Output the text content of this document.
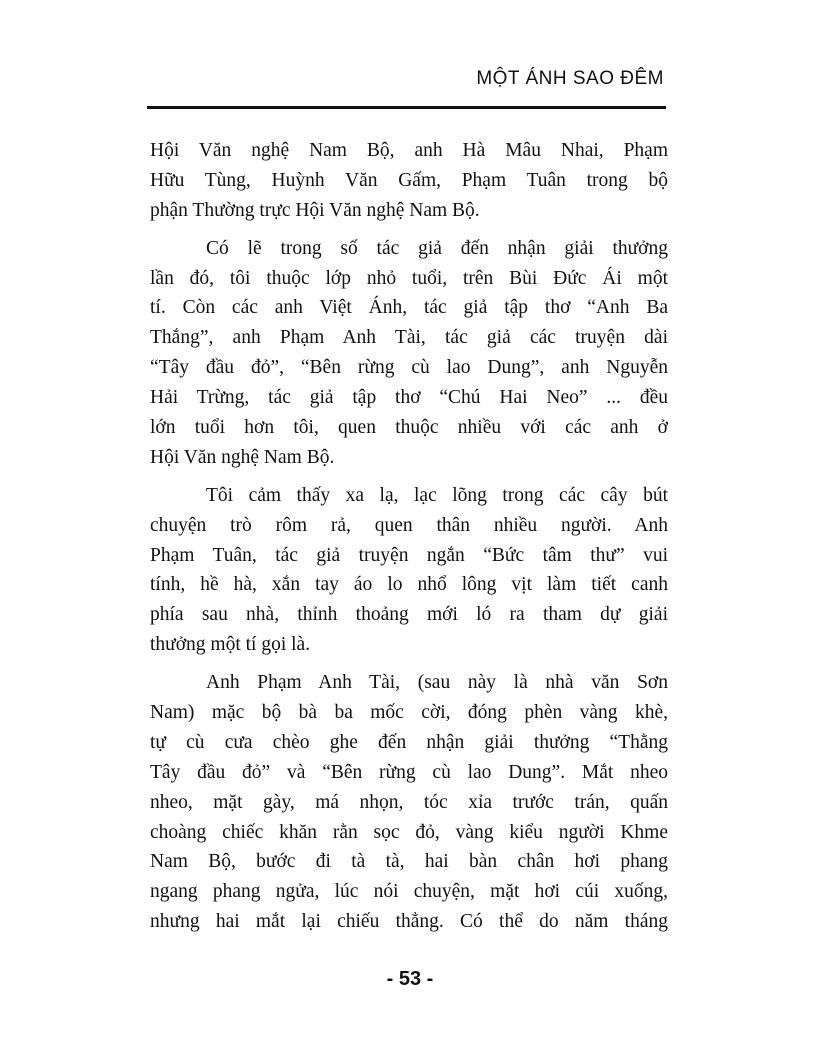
MỘT ÁNH SAO ĐÊM
Hội Văn nghệ Nam Bộ, anh Hà Mâu Nhai, Phạm
Hữu Tùng, Huỳnh Văn Gấm, Phạm Tuân trong bộ
phận Thường trực Hội Văn nghệ Nam Bộ.
Có lẽ trong số tác giả đến nhận giải thưởng
lần đó, tôi thuộc lớp nhỏ tuổi, trên Bùi Đức Ái một
tí. Còn các anh Việt Ánh, tác giả tập thơ “Anh Ba
Thắng”, anh Phạm Anh Tài, tác giả các truyện dài
“Tây đầu đỏ”, “Bên rừng cù lao Dung”, anh Nguyễn
Hải Trừng, tác giả tập thơ “Chú Hai Neo” ... đều
lớn tuổi hơn tôi, quen thuộc nhiều với các anh ở
Hội Văn nghệ Nam Bộ.
Tôi cảm thấy xa lạ, lạc lõng trong các cây bút
chuyện trò rôm rả, quen thân nhiều người. Anh
Phạm Tuân, tác giả truyện ngắn “Bức tâm thư” vui
tính, hề hà, xắn tay áo lo nhổ lông vịt làm tiết canh
phía sau nhà, thỉnh thoảng mới ló ra tham dự giải
thưởng một tí gọi là.
Anh Phạm Anh Tài, (sau này là nhà văn Sơn
Nam) mặc bộ bà ba mốc cời, đóng phèn vàng khè,
tự cù cưa chèo ghe đến nhận giải thưởng “Thằng
Tây đầu đỏ” và “Bên rừng cù lao Dung”. Mắt nheo
nheo, mặt gày, má nhọn, tóc xỉa trước trán, quấn
choàng chiếc khăn rằn sọc đỏ, vàng kiểu người Khme
Nam Bộ, bước đi tà tà, hai bàn chân hơi phang
ngang phang ngửa, lúc nói chuyện, mặt hơi cúi xuống,
nhưng hai mắt lại chiếu thẳng. Có thể do năm tháng
- 53 -
